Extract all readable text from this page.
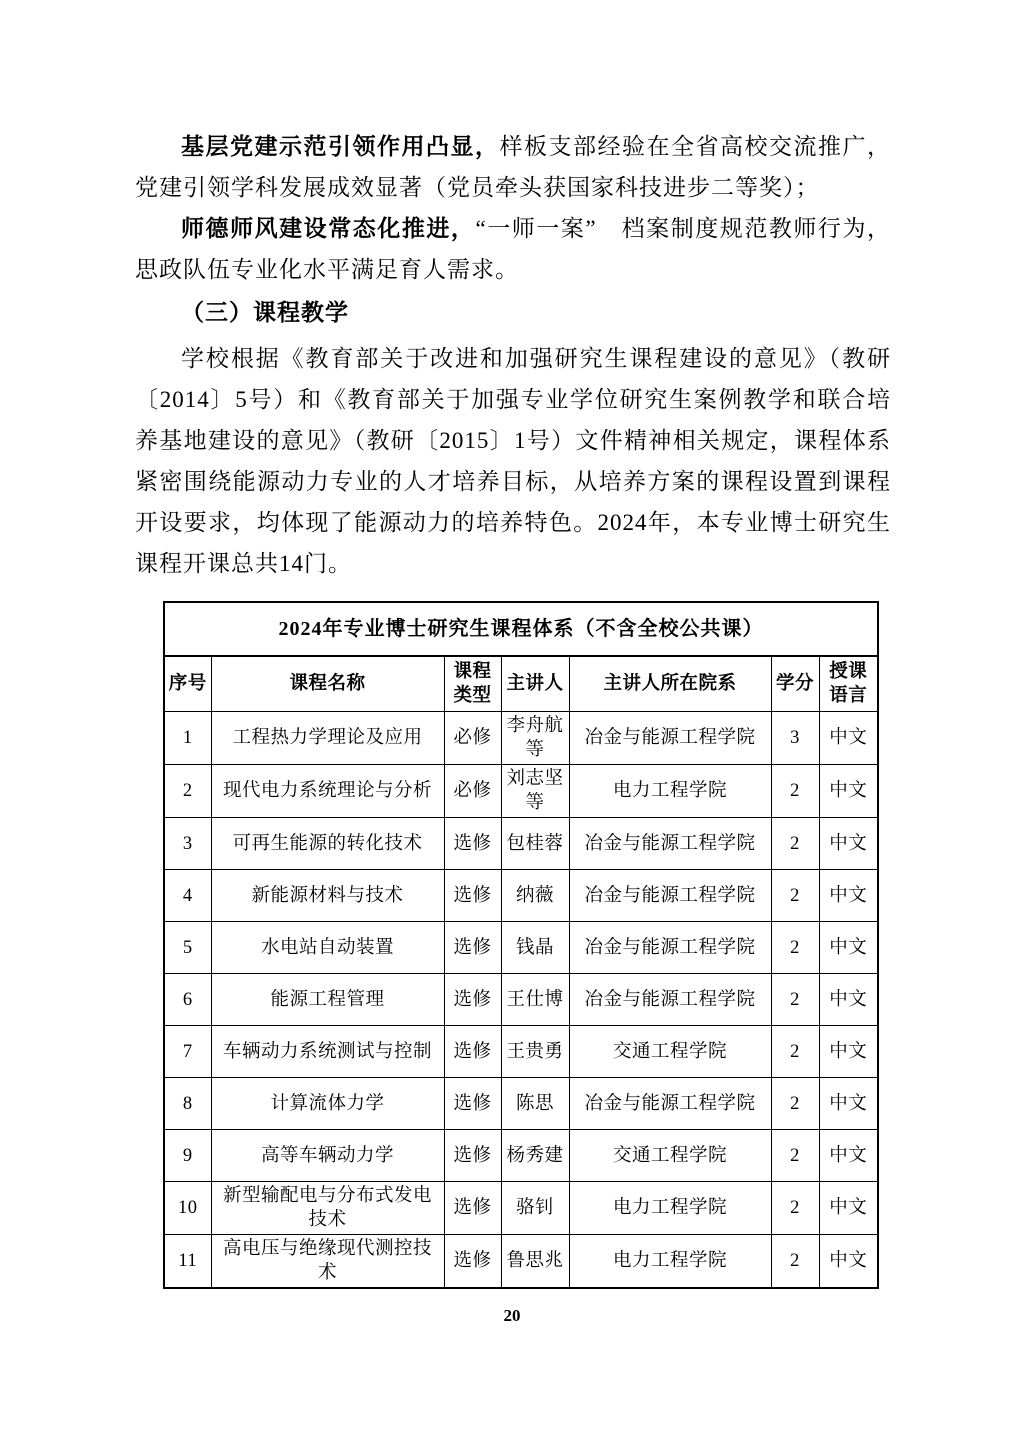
基层党建示范引领作用凸显，样板支部经验在全省高校交流推广，党建引领学科发展成效显著（党员牵头获国家科技进步二等奖）；

师德师风建设常态化推进，“一师一案”　档案制度规范教师行为，思政队伍专业化水平满足育人需求。

（三）课程教学

学校根据《教育部关于改进和加强研究生课程建设的意见》（教研〔2014〕5号）和《教育部关于加强专业学位研究生案例教学和联合培养基地建设的意见》（教研〔2015〕1号）文件精神相关规定，课程体系紧密围绕能源动力专业的人才培养目标，从培养方案的课程设置到课程开设要求，均体现了能源动力的培养特色。2024年，本专业博士研究生课程开课总共14门。

2024年专业博士研究生课程体系（不含全校公共课）						
序号	课程名称	课程类型	主讲人	主讲人所在院系	学分	授课语言
1	工程热力学理论及应用	必修	李舟航等	冶金与能源工程学院	3	中文
2	现代电力系统理论与分析	必修	刘志坚等	电力工程学院	2	中文
3	可再生能源的转化技术	选修	包桂蓉	冶金与能源工程学院	2	中文
4	新能源材料与技术	选修	纳薇	冶金与能源工程学院	2	中文
5	水电站自动装置	选修	钱晶	冶金与能源工程学院	2	中文
6	能源工程管理	选修	王仕博	冶金与能源工程学院	2	中文
7	车辆动力系统测试与控制	选修	王贵勇	交通工程学院	2	中文
8	计算流体力学	选修	陈思	冶金与能源工程学院	2	中文
9	高等车辆动力学	选修	杨秀建	交通工程学院	2	中文
10	新型输配电与分布式发电技术	选修	骆钊	电力工程学院	2	中文
11	高电压与绝缘现代测控技术	选修	鲁思兆	电力工程学院	2	中文
20
